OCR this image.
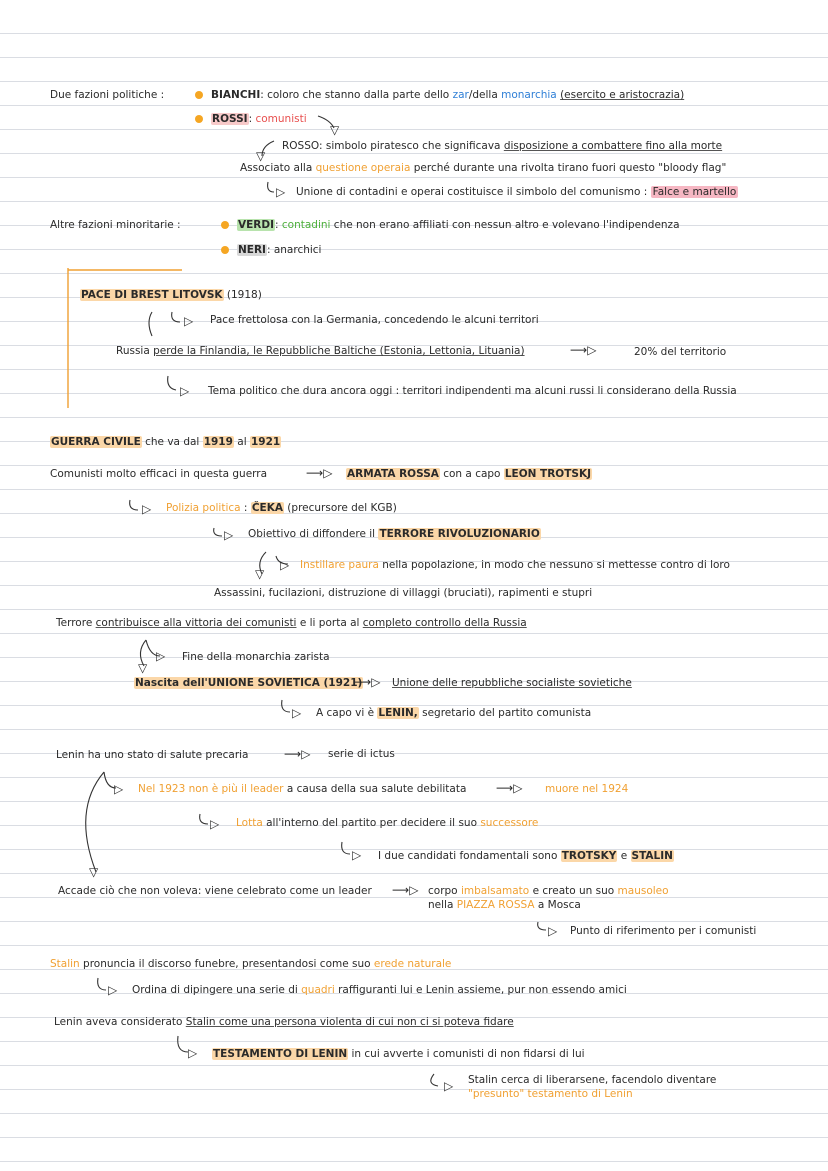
Due fazioni politiche :	BIANCHI: coloro che stanno dalla parte dello zar/della monarchia (esercito e aristocrazia)
ROSSI: comunisti
▽
▽
ROSSO: simbolo piratesco che significava disposizione a combattere fino alla morte
Associato alla questione operaia perché durante una rivolta tirano fuori questo "bloody flag"
▷ Unione di contadini e operai costituisce il simbolo del comunismo : Falce e martello
Altre fazioni minoritarie :	VERDI: contadini che non erano affiliati con nessun altro e volevano l'indipendenza
NERI: anarchici
PACE DI BREST LITOVSK (1918)
▷ Pace frettolosa con la Germania, concedendo le alcuni territori
Russia perde la Finlandia, le Repubbliche Baltiche (Estonia, Lettonia, Lituania)	⟶▷	20% del territorio
▷ Tema politico che dura ancora oggi : territori indipendenti ma alcuni russi li considerano della Russia
GUERRA CIVILE che va dal 1919 al 1921
Comunisti molto efficaci in questa guerra	⟶▷ ARMATA ROSSA con a capo LEON TROTSKJ
▷ Polizia politica : ČEKA (precursore del KGB)
▷ Obiettivo di diffondere il TERRORE RIVOLUZIONARIO
▷
▽
Instillare paura nella popolazione, in modo che nessuno si mettesse contro di loro
Assassini, fucilazioni, distruzione di villaggi (bruciati), rapimenti e stupri
Terrore contribuisce alla vittoria dei comunisti e li porta al completo controllo della Russia
▷
▽
Fine della monarchia zarista
Nascita dell'UNIONE SOVIETICA (1921)
⟶▷ Unione delle repubbliche socialiste sovietiche
▷ A capo vi è LENIN, segretario del partito comunista
Lenin ha uno stato di salute precaria	⟶▷ serie di ictus
▷ Nel 1923 non è più il leader a causa della sua salute debilitata ⟶▷ muore nel 1924
▷ Lotta all'interno del partito per decidere il suo successore
▷ I due candidati fondamentali sono TROTSKY e STALIN
▽
Accade ciò che non voleva: viene celebrato come un leader ⟶▷ corpo imbalsamato e creato un suo mausoleo
nella PIAZZA ROSSA a Mosca
▷ Punto di riferimento per i comunisti
Stalin pronuncia il discorso funebre, presentandosi come suo erede naturale
▷ Ordina di dipingere una serie di quadri raffiguranti lui e Lenin assieme, pur non essendo amici
Lenin aveva considerato Stalin come una persona violenta di cui non ci si poteva fidare
▷ TESTAMENTO DI LENIN in cui avverte i comunisti di non fidarsi di lui
▷ Stalin cerca di liberarsene, facendolo diventare
"presunto" testamento di Lenin
